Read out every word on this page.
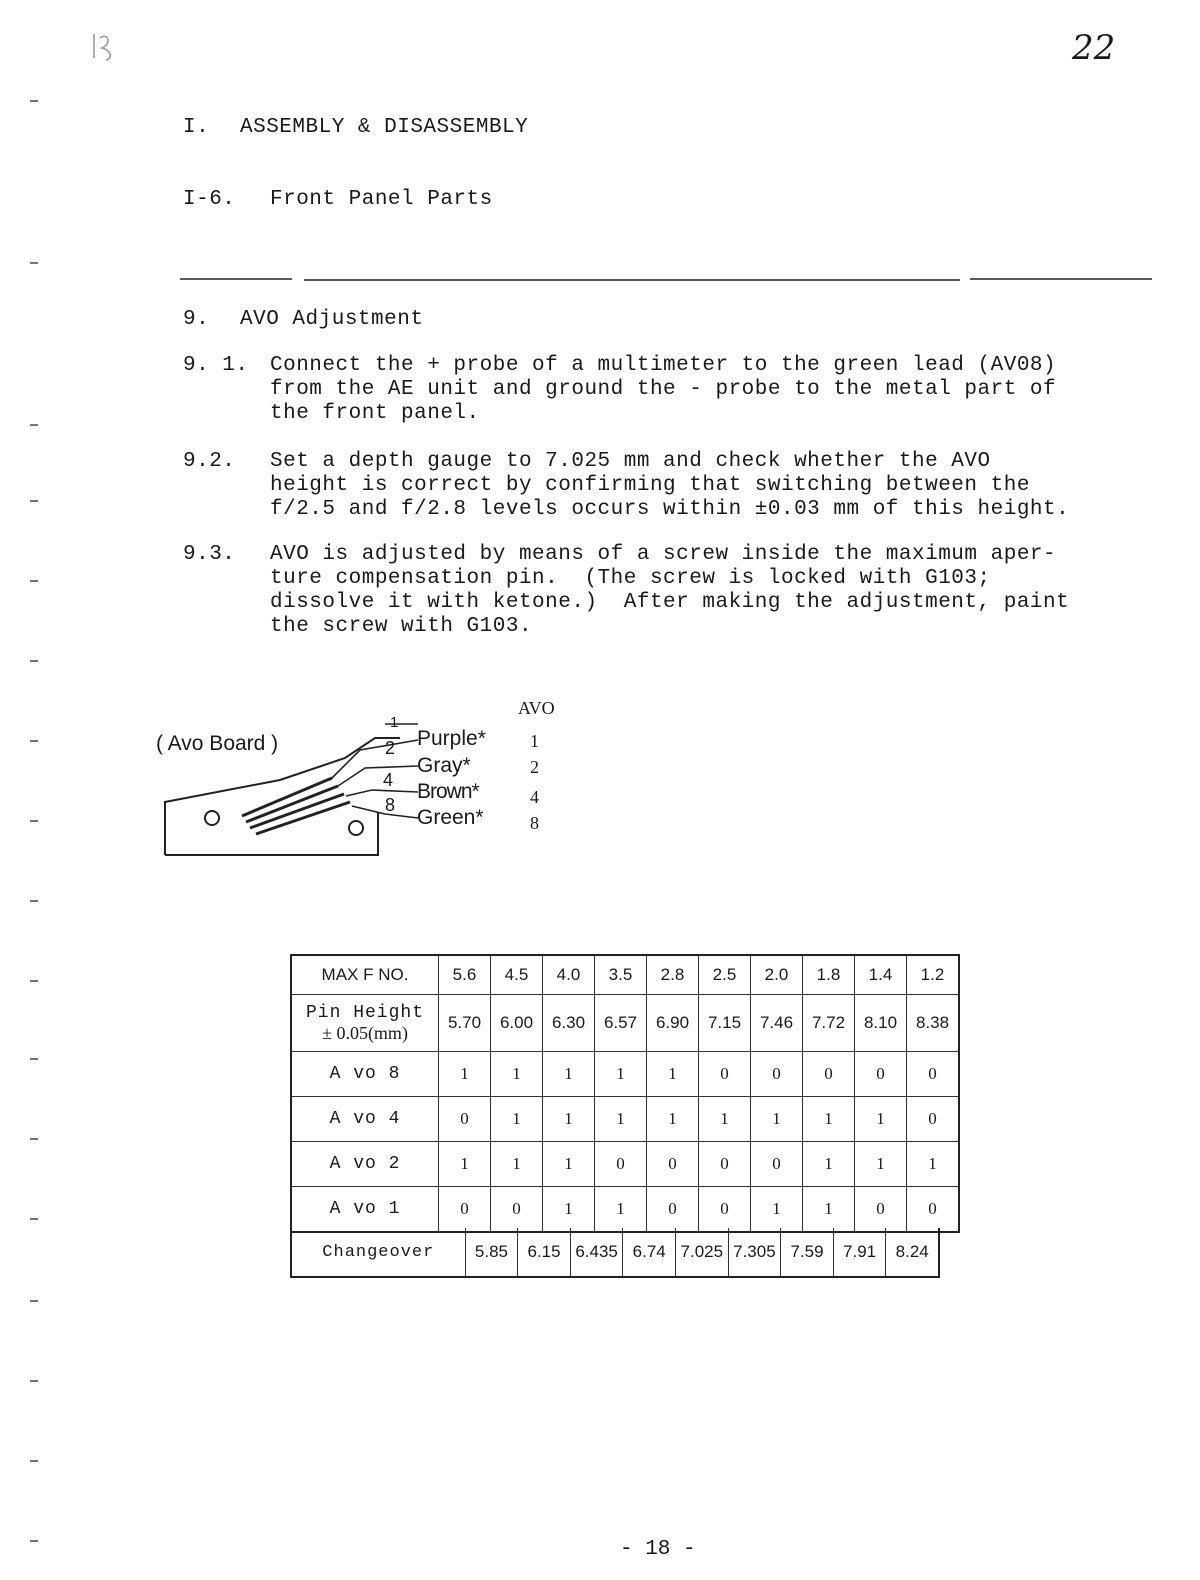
22
I. ASSEMBLY & DISASSEMBLY
I-6. Front Panel Parts
9. AVO Adjustment
9. 1. Connect the + probe of a multimeter to the green lead (AV08)
from the AE unit and ground the - probe to the metal part of
the front panel.
9.2. Set a depth gauge to 7.025 mm and check whether the AVO
height is correct by confirming that switching between the
f/2.5 and f/2.8 levels occurs within ±0.03 mm of this height.
9.3. AVO is adjusted by means of a screw inside the maximum aper-
ture compensation pin.  (The screw is locked with G103;
dissolve it with ketone.)  After making the adjustment, paint
the screw with G103.
( Avo Board )
1
2
4
8
Purple*
Gray*
Brown*
Green*
AVO
1
2
4
8
MAX F NO.	5.6	4.5	4.0	3.5	2.8	2.5	2.0	1.8	1.4	1.2

Pin Height
± 0.05(mm)	5.70	6.00	6.30	6.57	6.90	7.15	7.46	7.72	8.10	8.38
A vo 8	1	1	1	1	1	0	0	0	0	0
A vo 4	0	1	1	1	1	1	1	1	1	0
A vo 2	1	1	1	0	0	0	0	1	1	1
A vo 1	0	0	1	1	0	0	1	1	0	0
Changeover	5.85	6.15 6.435 6.74 7.025 7.305 7.59	7.91	8.24
- 18 -
